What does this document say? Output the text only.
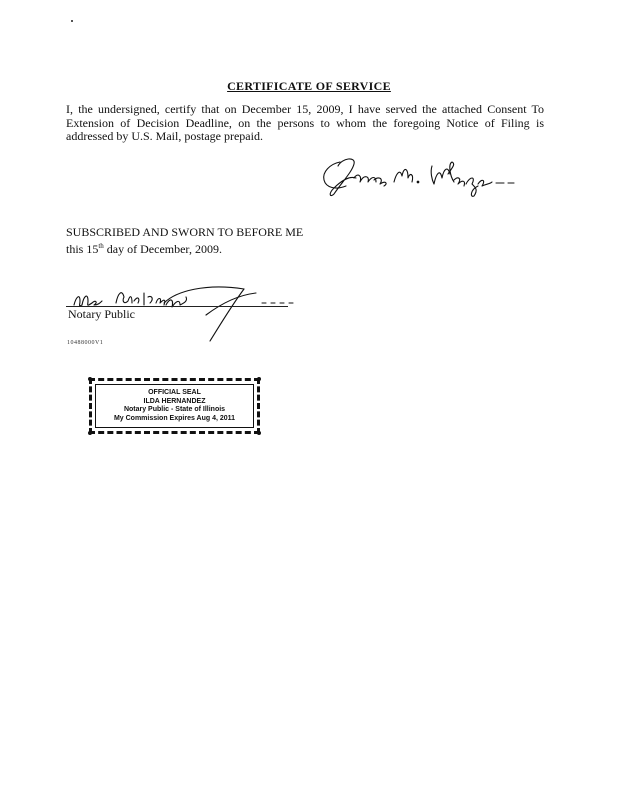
CERTIFICATE OF SERVICE
I, the undersigned, certify that on December 15, 2009, I have served the attached Consent To Extension of Decision Deadline, on the persons to whom the foregoing Notice of Filing is addressed by U.S. Mail, postage prepaid.
SUBSCRIBED AND SWORN TO BEFORE ME
this 15th day of December, 2009.
Notary Public
10488000V1
OFFICIAL SEAL
ILDA HERNANDEZ
Notary Public - State of Illinois
My Commission Expires Aug 4, 2011
